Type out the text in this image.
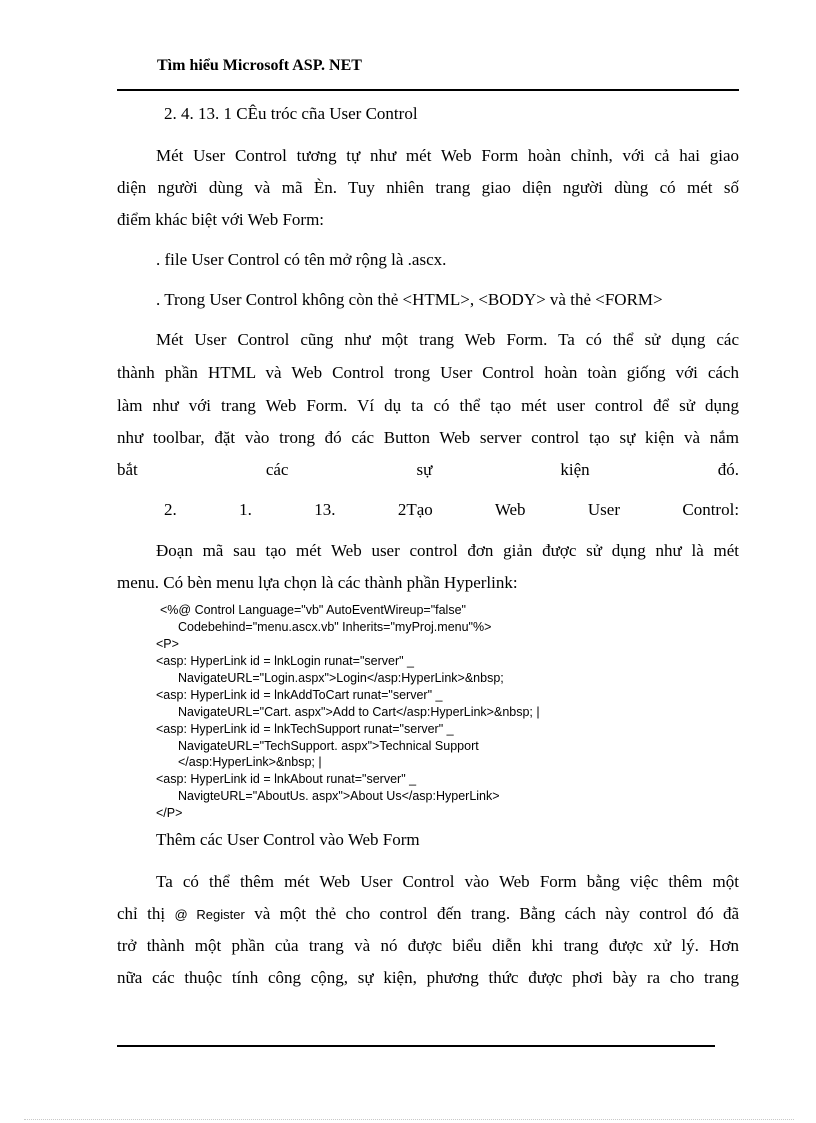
Tìm hiểu Microsoft ASP. NET
2. 4. 13. 1 CÊu tróc cña User Control
Mét User Control tương tự như mét Web Form hoàn chỉnh, với cả hai giao
diện người dùng và mã Èn. Tuy nhiên trang giao diện người dùng có mét số
điểm khác biệt với Web Form:
. file User Control có tên mở rộng là .ascx.
. Trong User Control không còn thẻ <HTML>, <BODY> và thẻ <FORM>
Mét User Control cũng như một trang Web Form. Ta có thể sử dụng các
thành phần HTML và Web Control trong User Control hoàn toàn giống với cách
làm như với trang Web Form. Ví dụ ta có thể tạo mét user control để sử dụng
như toolbar, đặt vào trong đó các Button Web server control tạo sự kiện và nắm
bắt các sự kiện đó.
2.	1.	13.	2Tạo	Web	User	Control:
Đoạn mã sau tạo mét Web user control đơn giản được sử dụng như là mét
menu. Có bèn menu lựa chọn là các thành phần Hyperlink:
<%@ Control Language="vb" AutoEventWireup="false"
Codebehind="menu.ascx.vb" Inherits="myProj.menu"%>
<P>
<asp: HyperLink id = lnkLogin runat="server" _
NavigateURL="Login.aspx">Login</asp:HyperLink>&nbsp;
<asp: HyperLink id = lnkAddToCart runat="server" _
NavigateURL="Cart. aspx">Add to Cart</asp:HyperLink>&nbsp; |
<asp: HyperLink id = lnkTechSupport runat="server" _
NavigateURL="TechSupport. aspx">Technical Support
</asp:HyperLink>&nbsp; |
<asp: HyperLink id = lnkAbout runat="server" _
NavigteURL="AboutUs. aspx">About Us</asp:HyperLink>
</P>
Thêm các User Control vào Web Form
Ta có thể thêm mét Web User Control vào Web Form bằng việc thêm một
chỉ thị @ Register và một thẻ cho control đến trang. Bằng cách này control đó đã
trở thành một phần của trang và nó được biểu diễn khi trang được xử lý. Hơn
nữa các thuộc tính công cộng, sự kiện, phương thức được phơi bày ra cho trang
